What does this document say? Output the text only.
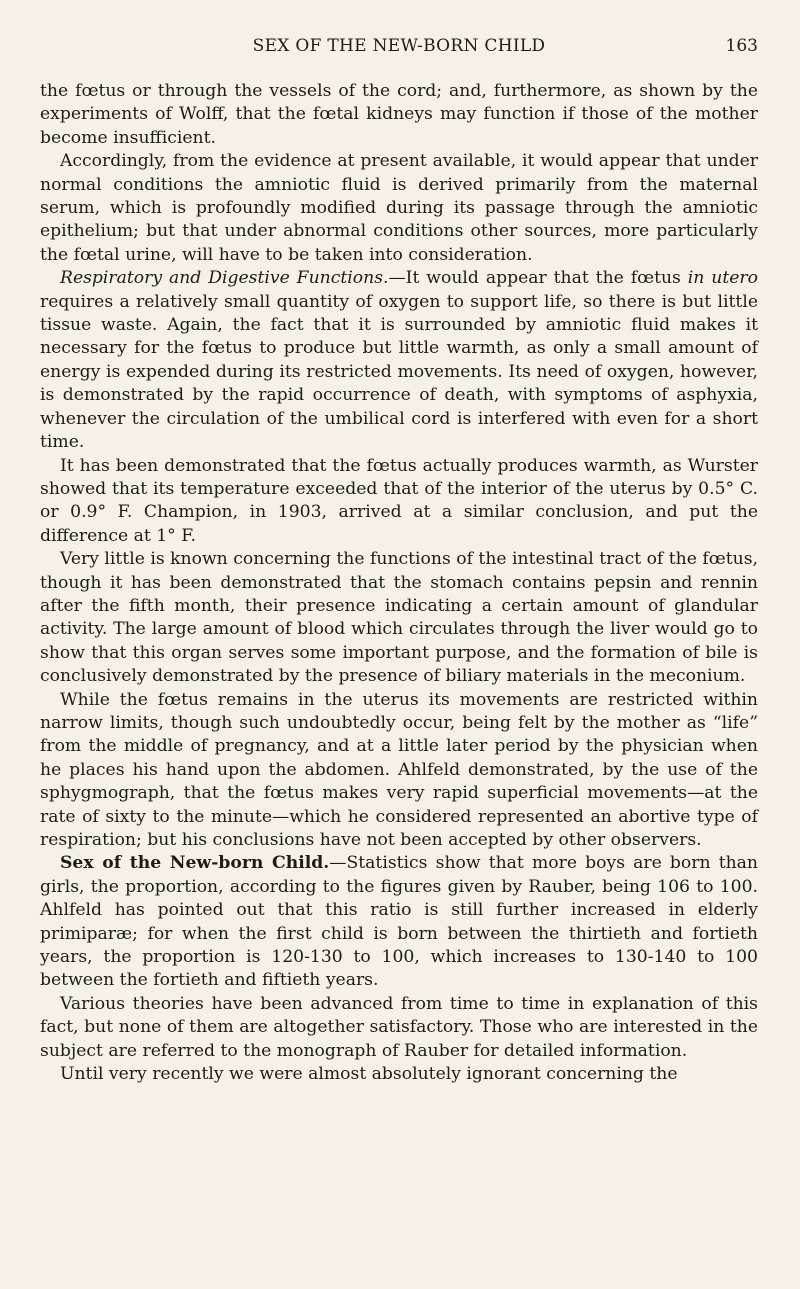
SEX OF THE NEW-BORN CHILD	163

the fœtus or through the vessels of the cord; and, furthermore, as shown by the experiments of Wolff, that the fœtal kidneys may function if those of the mother become insufficient.

Accordingly, from the evidence at present available, it would appear that under normal conditions the amniotic fluid is derived primarily from the maternal serum, which is profoundly modified during its passage through the amniotic epithelium; but that under abnormal conditions other sources, more particularly the fœtal urine, will have to be taken into consideration.

Respiratory and Digestive Functions.—It would appear that the fœtus in utero requires a relatively small quantity of oxygen to support life, so there is but little tissue waste. Again, the fact that it is surrounded by amniotic fluid makes it necessary for the fœtus to produce but little warmth, as only a small amount of energy is expended during its restricted movements. Its need of oxygen, however, is demonstrated by the rapid occurrence of death, with symptoms of asphyxia, whenever the circulation of the umbilical cord is interfered with even for a short time.

It has been demonstrated that the fœtus actually produces warmth, as Wurster showed that its temperature exceeded that of the interior of the uterus by 0.5° C. or 0.9° F. Champion, in 1903, arrived at a similar conclusion, and put the difference at 1° F.

Very little is known concerning the functions of the intestinal tract of the fœtus, though it has been demonstrated that the stomach contains pepsin and rennin after the fifth month, their presence indicating a certain amount of glandular activity. The large amount of blood which circulates through the liver would go to show that this organ serves some important purpose, and the formation of bile is conclusively demonstrated by the presence of biliary materials in the meconium.

While the fœtus remains in the uterus its movements are restricted within narrow limits, though such undoubtedly occur, being felt by the mother as “life” from the middle of pregnancy, and at a little later period by the physician when he places his hand upon the abdomen. Ahlfeld demonstrated, by the use of the sphygmograph, that the fœtus makes very rapid superficial movements—at the rate of sixty to the minute—which he considered represented an abortive type of respiration; but his conclusions have not been accepted by other observers.

Sex of the New-born Child.—Statistics show that more boys are born than girls, the proportion, according to the figures given by Rauber, being 106 to 100. Ahlfeld has pointed out that this ratio is still further increased in elderly primiparæ; for when the first child is born between the thirtieth and fortieth years, the proportion is 120-130 to 100, which increases to 130-140 to 100 between the fortieth and fiftieth years.

Various theories have been advanced from time to time in explanation of this fact, but none of them are altogether satisfactory. Those who are interested in the subject are referred to the monograph of Rauber for detailed information.

Until very recently we were almost absolutely ignorant concerning the
